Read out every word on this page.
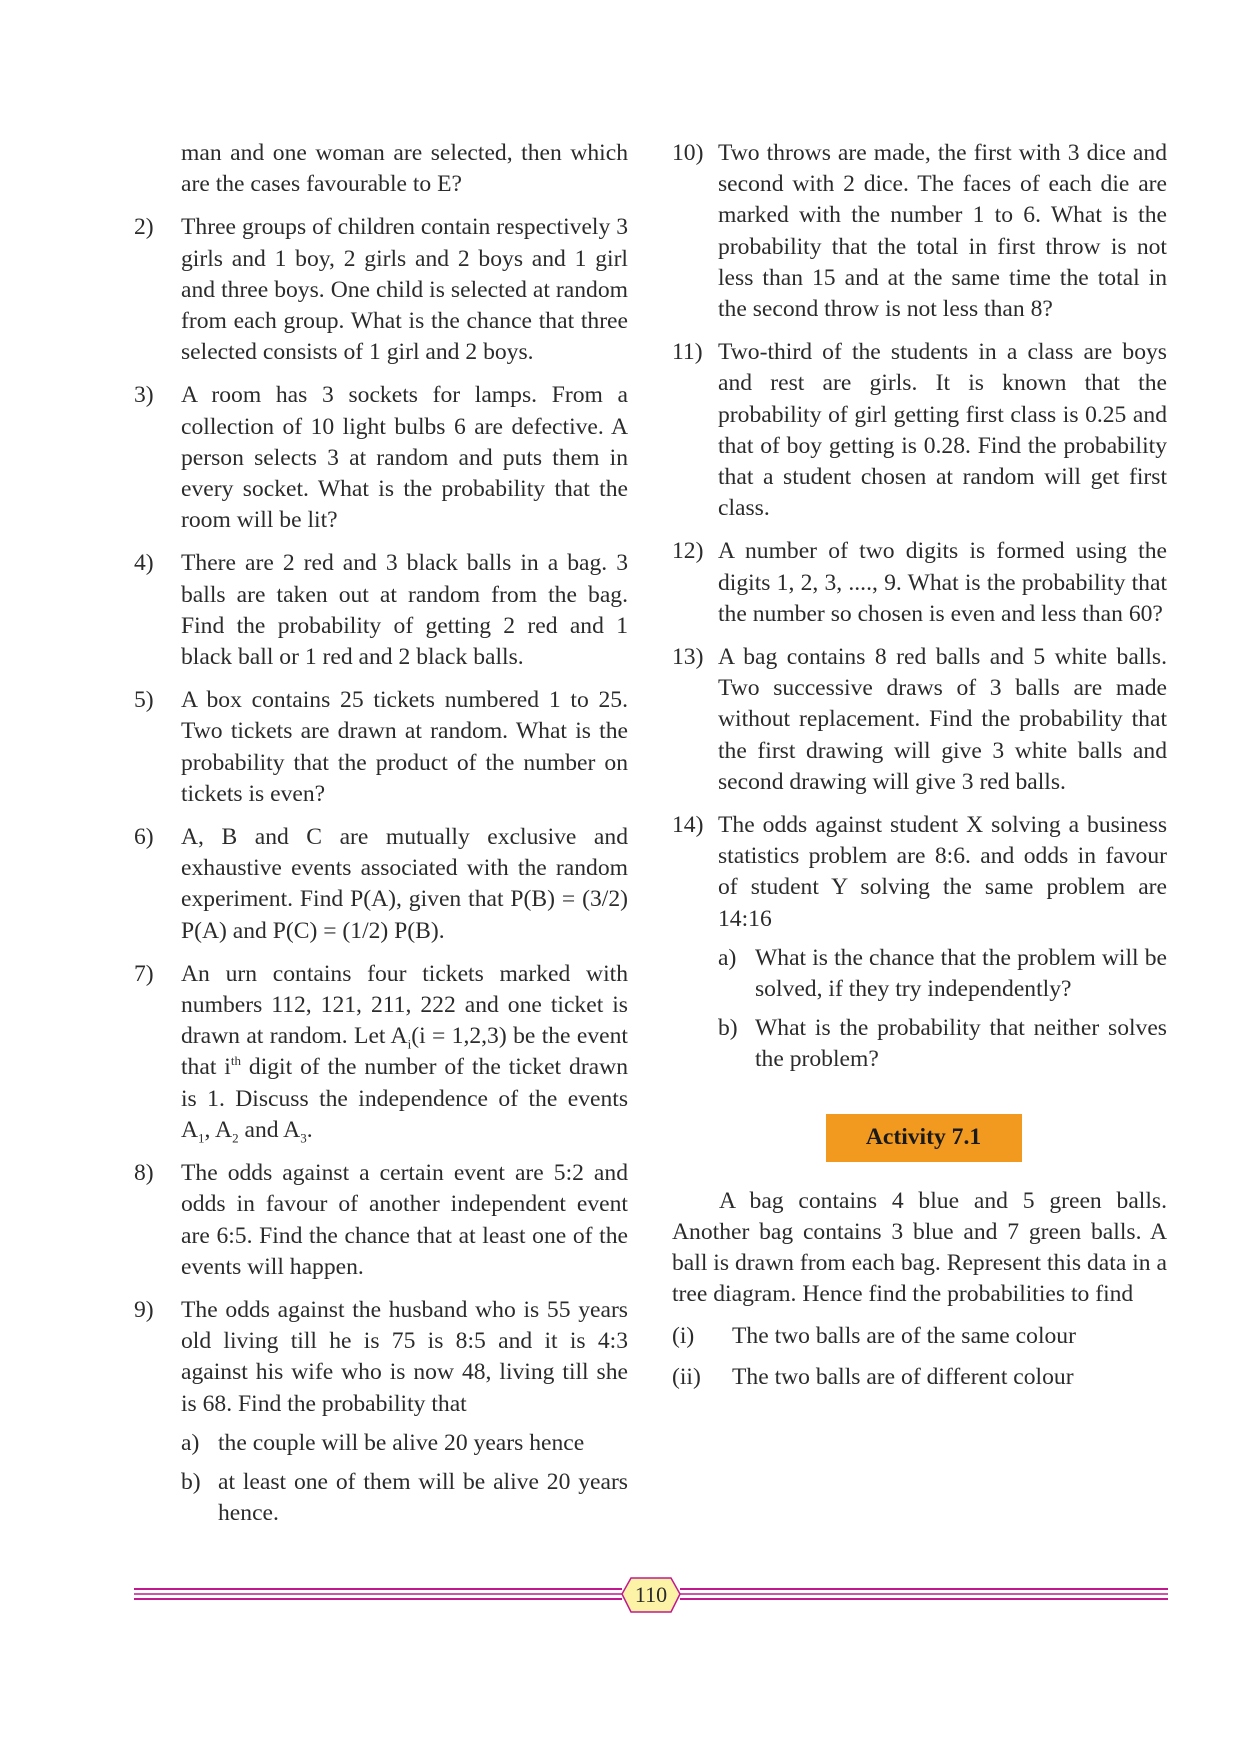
man and one woman are selected, then which are the cases favourable to E?
2)	Three groups of children contain respectively 3 girls and 1 boy, 2 girls and 2 boys and 1 girl and three boys. One child is selected at random from each group. What is the chance that three selected consists of 1 girl and 2 boys.
3)	A room has 3 sockets for lamps. From a collection of 10 light bulbs 6 are defective. A person selects 3 at random and puts them in every socket. What is the probability that the room will be lit?
4)	There are 2 red and 3 black balls in a bag. 3 balls are taken out at random from the bag. Find the probability of getting 2 red and 1 black ball or 1 red and 2 black balls.
5)	A box contains 25 tickets numbered 1 to 25. Two tickets are drawn at random. What is the probability that the product of the number on tickets is even?
6)	A, B and C are mutually exclusive and exhaustive events associated with the random experiment. Find P(A), given that P(B) = (3/2) P(A) and P(C) = (1/2) P(B).
7)	An urn contains four tickets marked with numbers 112, 121, 211, 222 and one ticket is drawn at random. Let $A_i(i = 1,2,3)$ be the event that $i^{th}$ digit of the number of the ticket drawn is 1. Discuss the independence of the events $A_1$, $A_2$ and $A_3$.
8)	The odds against a certain event are 5:2 and odds in favour of another independent event are 6:5. Find the chance that at least one of the events will happen.
9)	The odds against the husband who is 55 years old living till he is 75 is 8:5 and it is 4:3 against his wife who is now 48, living till she is 68. Find the probability that
a) the couple will be alive 20 years hence
b) at least one of them will be alive 20 years hence.
10) Two throws are made, the first with 3 dice and second with 2 dice. The faces of each die are marked with the number 1 to 6. What is the probability that the total in first throw is not less than 15 and at the same time the total in the second throw is not less than 8?
11) Two-third of the students in a class are boys and rest are girls. It is known that the probability of girl getting first class is 0.25 and that of boy getting is 0.28. Find the probability that a student chosen at random will get first class.
12) A number of two digits is formed using the digits 1, 2, 3, ...., 9. What is the probability that the number so chosen is even and less than 60?
13) A bag contains 8 red balls and 5 white balls. Two successive draws of 3 balls are made without replacement. Find the probability that the first drawing will give 3 white balls and second drawing will give 3 red balls.
14) The odds against student X solving a business statistics problem are 8:6. and odds in favour of student Y solving the same problem are 14:16
a) What is the chance that the problem will be solved, if they try independently?
b) What is the probability that neither solves the problem?
Activity 7.1
A bag contains 4 blue and 5 green balls. Another bag contains 3 blue and 7 green balls. A ball is drawn from each bag. Represent this data in a tree diagram. Hence find the probabilities to find
(i)	The two balls are of the same colour
(ii)	The two balls are of different colour
110
